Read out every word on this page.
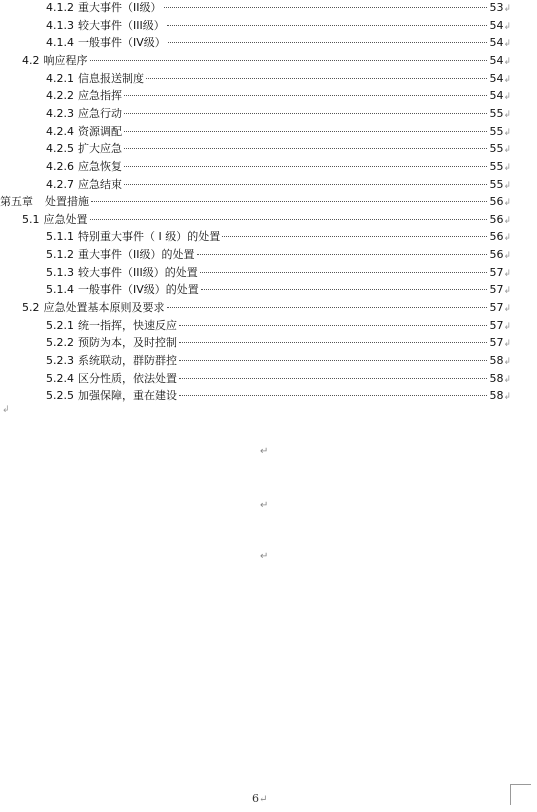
4.1.2 重大事件（II级）	53 ↲
4.1.3 较大事件（III级）	54 ↲
4.1.4 一般事件（IV级）	54 ↲
4.2 响应程序	54 ↲
4.2.1 信息报送制度	54 ↲
4.2.2 应急指挥	54 ↲
4.2.3 应急行动	55 ↲
4.2.4 资源调配	55 ↲
4.2.5 扩大应急	55 ↲
4.2.6 应急恢复	55 ↲
4.2.7 应急结束	55 ↲
第五章 处置措施	56 ↲
5.1 应急处置	56 ↲
5.1.1 特别重大事件（ I 级）的处置	56 ↲
5.1.2 重大事件（II级）的处置	56 ↲
5.1.3 较大事件（III级）的处置	57 ↲
5.1.4 一般事件（IV级）的处置	57 ↲
5.2 应急处置基本原则及要求	57 ↲
5.2.1 统一指挥，快速反应	57 ↲
5.2.2 预防为本，及时控制	57 ↲
5.2.3 系统联动，群防群控	58 ↲
5.2.4 区分性质，依法处置	58 ↲
5.2.5 加强保障，重在建设	58 ↲
↲
↵
↵
↵
6↵
